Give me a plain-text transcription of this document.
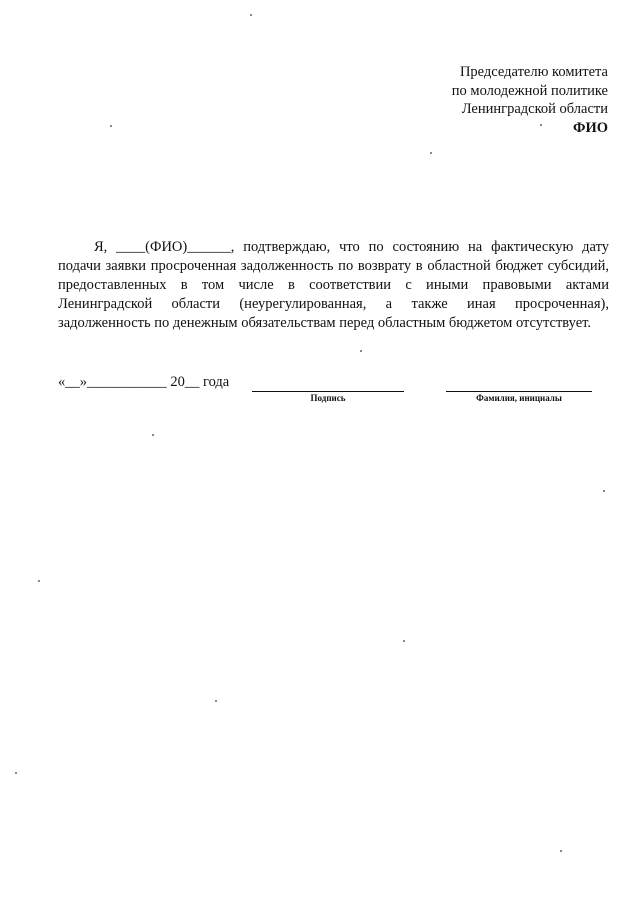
Председателю комитета
по молодежной политике
Ленинградской области
ФИО
Я, ____(ФИО)______, подтверждаю, что по состоянию на фактическую дату подачи заявки просроченная задолженность по возврату в областной бюджет субсидий, предоставленных в том числе в соответствии с иными правовыми актами Ленинградской области (неурегулированная, а также иная просроченная), задолженность по денежным обязательствам перед областным бюджетом отсутствует.
«__»___________ 20__ года
Подпись	Фамилия, инициалы
